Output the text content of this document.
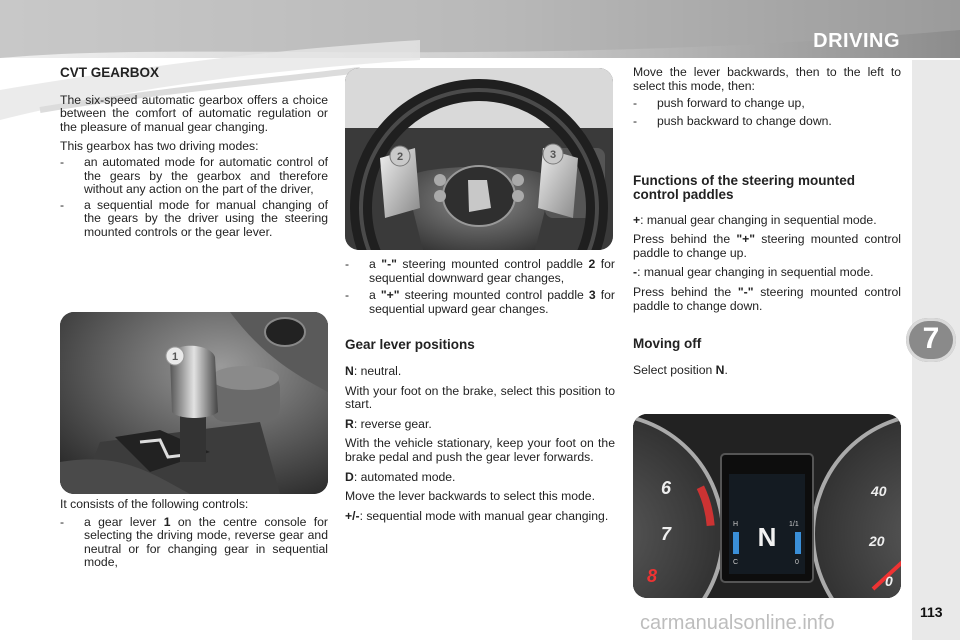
DRIVING
7
CVT GEARBOX

The six-speed automatic gearbox offers a choice between the comfort of automatic regulation or the pleasure of manual gear changing.

This gearbox has two driving modes:

- an automated mode for automatic control of the gears by the gearbox and therefore without any action on the part of the driver,
- a sequential mode for manual changing of the gears by the driver using the steering mounted controls or the gear lever.
1

It consists of the following controls:

- a gear lever 1 on the centre console for selecting the driving mode, reverse gear and neutral or for changing gear in sequential mode,
2	3
- a "-" steering mounted control paddle 2 for sequential downward gear changes,
- a "+" steering mounted control paddle 3 for sequential upward gear changes.
Gear lever positions

N: neutral.

With your foot on the brake, select this position to start.

R: reverse gear.

With the vehicle stationary, keep your foot on the brake pedal and push the gear lever forwards.

D: automated mode.

Move the lever backwards to select this mode.

+/-: sequential mode with manual gear changing.

Move the lever backwards, then to the left to select this mode, then:

- push forward to change up,
- push backward to change down.
Functions of the steering mounted control paddles
+: manual gear changing in sequential mode.

Press behind the "+" steering mounted control paddle to change up.

-: manual gear changing in sequential mode.

Press behind the "-" steering mounted control paddle to change down.

Moving off

Select position N.

6
7
8
40
20
0
N
H
C
1/1
0
113
carmanualsonline.info
